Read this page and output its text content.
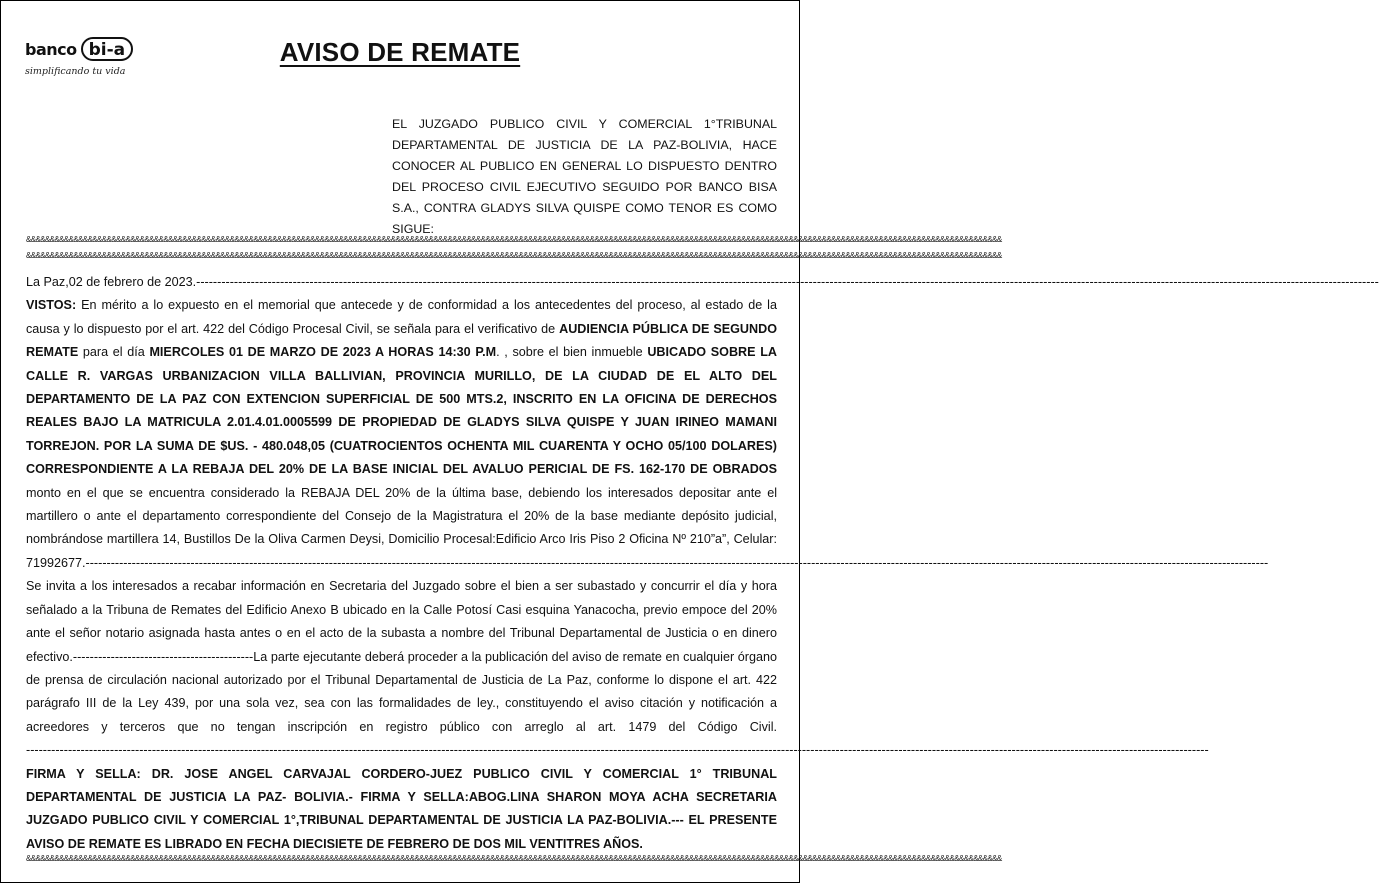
banco bi-a
simplificando tu vida
AVISO DE REMATE
EL JUZGADO PUBLICO CIVIL Y COMERCIAL 1°TRIBUNAL DEPARTAMENTAL DE JUSTICIA DE LA PAZ-BOLIVIA, HACE CONOCER AL PUBLICO EN GENERAL LO DISPUESTO DENTRO DEL PROCESO CIVIL EJECUTIVO SEGUIDO POR BANCO BISA S.A., CONTRA GLADYS SILVA QUISPE COMO TENOR ES COMO SIGUE:
&&&&&&&&&&&&&&&&&&&&&&&&&&&&&&&&&&&&&&&&&&&&&&&&&&&&&&&&&&&&&&&&&&&&&&&&&&&&&&&&&&&&&&&&&&&&&&&&&&&&&&&&&&&&&&&&&&&&&&&&&&&&&&&&&&&&&&&&&&&&&&&&&&&&&&&&&&&&&&&&&&&&&&&&&&&&&&&&&&&&&&&&&&&&&&&&&&&&&&&&&&&&&&
&&&&&&&&&&&&&&&&&&&&&&&&&&&&&&&&&&&&&&&&&&&&&&&&&&&&&&&&&&&&&&&&&&&&&&&&&&&&&&&&&&&&&&&&&&&&&&&&&&&&&&&&&&&&&&&&&&&&&&&&&&&&&&&&&&&&&&&&&&&&&&&&&&&&&&&&&&&&&&&&&&&&&&&&&&&&&&&&&&&&&&&&&&&&&&&&&&&&&&&&&&&&&&

La Paz,02 de febrero de 2023.------------------------------------------------------------------------------------------------------------------------------------------------------------------------------------------------------------------------------------------------------------------------------------------

VISTOS: En mérito a lo expuesto en el memorial que antecede y de conformidad a los antecedentes del proceso, al estado de la causa y lo dispuesto por el art. 422 del Código Procesal Civil, se señala para el verificativo de AUDIENCIA PÚBLICA DE SEGUNDO REMATE para el día MIERCOLES 01 DE MARZO DE 2023 A HORAS 14:30 P.M. , sobre el bien inmueble UBICADO SOBRE LA CALLE R. VARGAS URBANIZACION VILLA BALLIVIAN, PROVINCIA MURILLO, DE LA CIUDAD DE EL ALTO DEL DEPARTAMENTO DE LA PAZ CON EXTENCION SUPERFICIAL DE 500 MTS.2, INSCRITO EN LA OFICINA DE DERECHOS REALES BAJO LA MATRICULA 2.01.4.01.0005599 DE PROPIEDAD DE GLADYS SILVA QUISPE Y JUAN IRINEO MAMANI TORREJON. POR LA SUMA DE $US. - 480.048,05 (CUATROCIENTOS OCHENTA MIL CUARENTA Y OCHO 05/100 DOLARES) CORRESPONDIENTE A LA REBAJA DEL 20% DE LA BASE INICIAL DEL AVALUO PERICIAL DE FS. 162-170 DE OBRADOS monto en el que se encuentra considerado la REBAJA DEL 20% de la última base, debiendo los interesados depositar ante el martillero o ante el departamento correspondiente del Consejo de la Magistratura el 20% de la base mediante depósito judicial, nombrándose martillera 14, Bustillos De la Oliva Carmen Deysi, Domicilio Procesal:Edificio Arco Iris Piso 2 Oficina Nº 210”a”, Celular: 71992677.------------------------------------------------------------------------------------------------------------------------------------------------------------------------------------------------------------------------------------------------------------------------------------------

Se invita a los interesados a recabar información en Secretaria del Juzgado sobre el bien a ser subastado y concurrir el día y hora señalado a la Tribuna de Remates del Edificio Anexo B ubicado en la Calle Potosí Casi esquina Yanacocha, previo empoce del 20% ante el señor notario asignada hasta antes o en el acto de la subasta a nombre del Tribunal Departamental de Justicia o en dinero efectivo.-------------------------------------------La parte ejecutante deberá proceder a la publicación del aviso de remate en cualquier órgano de prensa de circulación nacional autorizado por el Tribunal Departamental de Justicia de La Paz, conforme lo dispone el art. 422 parágrafo III de la Ley 439, por una sola vez, sea con las formalidades de ley., constituyendo el aviso citación y notificación a acreedores y terceros que no tengan inscripción en registro público con arreglo al art. 1479 del Código Civil.------------------------------------------------------------------------------------------------------------------------------------------------------------------------------------------------------------------------------------------------------------------------------------------

FIRMA Y SELLA: DR. JOSE ANGEL CARVAJAL CORDERO-JUEZ PUBLICO CIVIL Y COMERCIAL 1° TRIBUNAL DEPARTAMENTAL DE JUSTICIA LA PAZ- BOLIVIA.- FIRMA Y SELLA:ABOG.LINA SHARON MOYA ACHA SECRETARIA JUZGADO PUBLICO CIVIL Y COMERCIAL 1°,TRIBUNAL DEPARTAMENTAL DE JUSTICIA LA PAZ-BOLIVIA.--- EL PRESENTE AVISO DE REMATE ES LIBRADO EN FECHA DIECISIETE DE FEBRERO DE DOS MIL VENTITRES AÑOS.

&&&&&&&&&&&&&&&&&&&&&&&&&&&&&&&&&&&&&&&&&&&&&&&&&&&&&&&&&&&&&&&&&&&&&&&&&&&&&&&&&&&&&&&&&&&&&&&&&&&&&&&&&&&&&&&&&&&&&&&&&&&&&&&&&&&&&&&&&&&&&&&&&&&&&&&&&&&&&&&&&&&&&&&&&&&&&&&&&&&&&&&&&&&&&&&&&&&&&&&&&&&&&&
